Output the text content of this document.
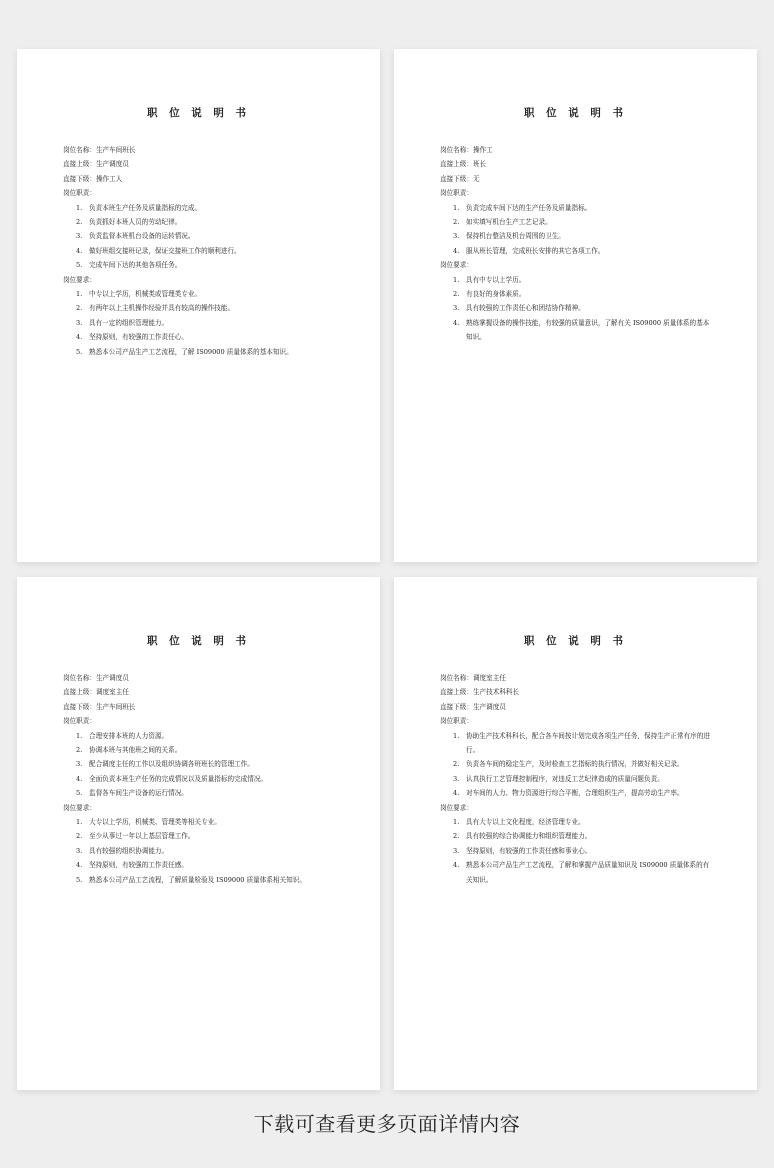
职 位 说 明 书
岗位名称：生产车间班长
直接上级：生产调度员
直接下级：操作工人
岗位职责：
1.	负责本班生产任务及质量指标的完成。
2.	负责抓好本班人员的劳动纪律。
3.	负责监督本班机台设备的运转情况。
4.	做好班组交接班记录，保证交接班工作的顺利进行。
5.	完成车间下达的其他各项任务。
岗位要求：
1.	中专以上学历，机械类或管理类专业。
2.	有两年以上主机操作经验并具有较高的操作技能。
3.	具有一定的组织管理能力。
4.	坚持原则，有较强的工作责任心。
5.	熟悉本公司产品生产工艺流程，了解 IS09000 质量体系的基本知识。
职 位 说 明 书
岗位名称：操作工
直接上级：班长
直接下级：无
岗位职责：
1.	负责完成车间下达的生产任务及质量指标。
2.	如实填写机台生产工艺记录。
3.	保持机台整洁及机台周围的卫生。
4.	服从班长管理，完成班长安排的其它各项工作。
岗位要求：
1.	具有中专以上学历。
2.	有良好的身体素质。
3.	具有较强的工作责任心和团结协作精神。
4.	熟练掌握设备的操作技能，有较强的质量意识，了解有关 IS09000 质量体系的基本知识。
职 位 说 明 书
岗位名称：生产调度员
直接上级：调度室主任
直接下级：生产车间班长
岗位职责：
1.	合理安排本班的人力资源。
2.	协调本班与其他班之间的关系。
3.	配合调度主任的工作以及组织协调各班班长的管理工作。
4.	全面负责本班生产任务的完成情况以及质量指标的完成情况。
5.	监督各车间生产设备的运行情况。
岗位要求：
1.	大专以上学历，机械类、管理类等相关专业。
2.	至少从事过一年以上基层管理工作。
3.	具有较强的组织协调能力。
4.	坚持原则，有较强的工作责任感。
5.	熟悉本公司产品工艺流程，了解质量检验及 IS09000 质量体系相关知识。
职 位 说 明 书
岗位名称：调度室主任
直接上级：生产技术科科长
直接下级：生产调度员
岗位职责：
1.	协助生产技术科科长，配合各车间按计划完成各项生产任务，保持生产正常有序的进行。
2.	负责各车间的稳定生产，及时检查工艺指标的执行情况，并做好相关记录。
3.	认真执行工艺管理控制程序，对违反工艺纪律造成的质量问题负责。
4.	对车间的人力、物力资源进行综合平衡，合理组织生产，提高劳动生产率。
岗位要求：
1.	具有大专以上文化程度，经济管理专业。
2.	具有较强的综合协调能力和组织管理能力。
3.	坚持原则，有较强的工作责任感和事业心。
4.	熟悉本公司产品生产工艺流程，了解和掌握产品质量知识及 IS09000 质量体系的有关知识。
下载可查看更多页面详情内容
